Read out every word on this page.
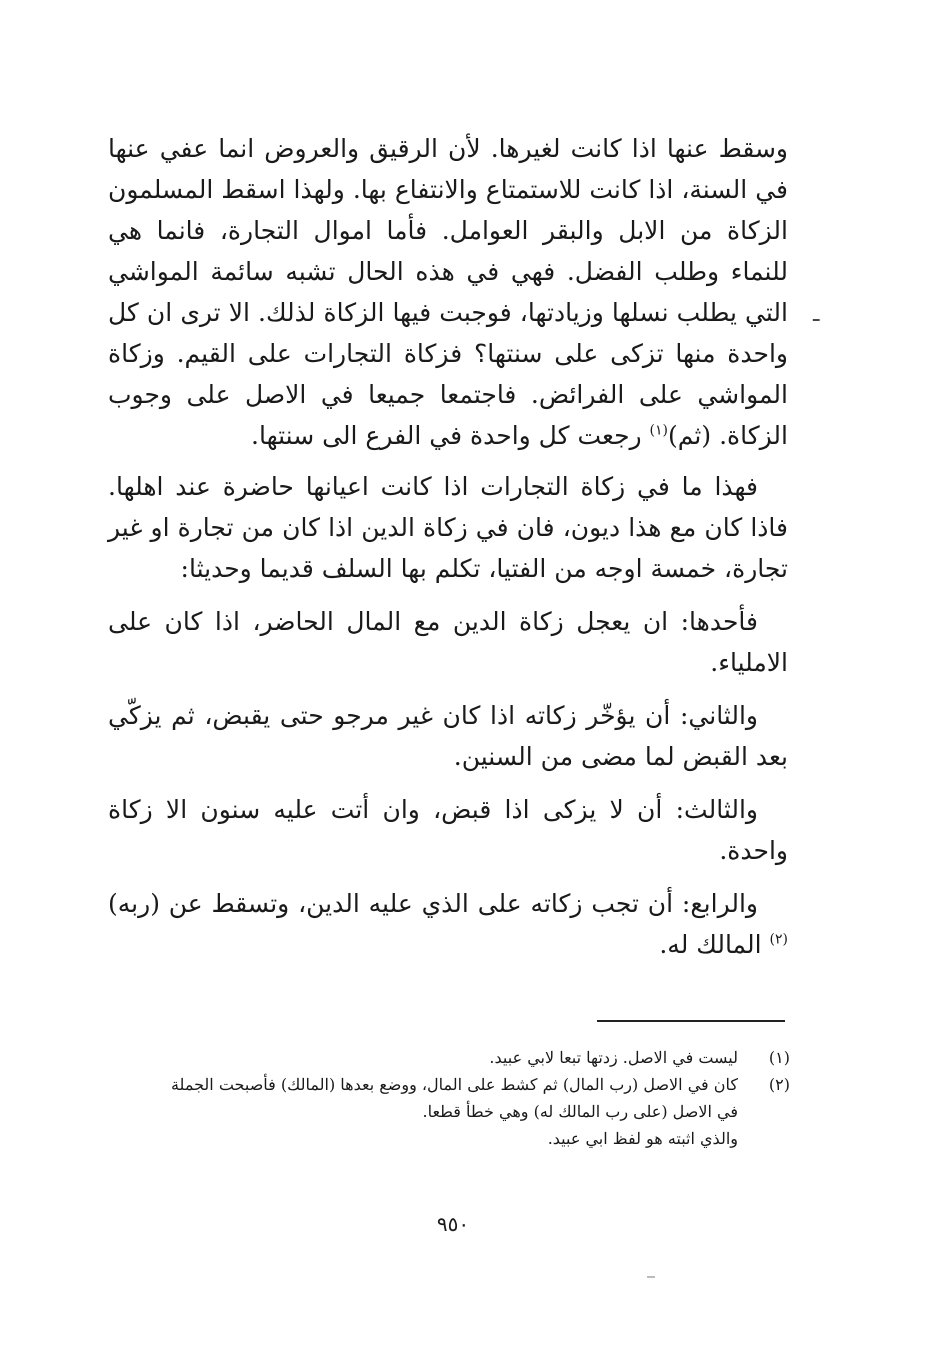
وسقط عنها اذا كانت لغيرها. لأن الرقيق والعروض انما عفي عنها في السنة، اذا كانت للاستمتاع والانتفاع بها. ولهذا اسقط المسلمون الزكاة من الابل والبقر العوامل. فأما اموال التجارة، فانما هي للنماء وطلب الفضل. فهي في هذه الحال تشبه سائمة المواشي التي يطلب نسلها وزيادتها، فوجبت فيها الزكاة لذلك. الا ترى ان كل واحدة منها تزكى على سنتها؟ فزكاة التجارات على القيم. وزكاة المواشي على الفرائض. فاجتمعا جميعا في الاصل على وجوب الزكاة. (ثم)$^{(١)}$ رجعت كل واحدة في الفرع الى سنتها.

فهذا ما في زكاة التجارات اذا كانت اعيانها حاضرة عند اهلها. فاذا كان مع هذا ديون، فان في زكاة الدين اذا كان من تجارة او غير تجارة، خمسة اوجه من الفتيا، تكلم بها السلف قديما وحديثا:

فأحدها: ان يعجل زكاة الدين مع المال الحاضر، اذا كان على الاملياء.

والثاني: أن يؤخّر زكاته اذا كان غير مرجو حتى يقبض، ثم يزكّي بعد القبض لما مضى من السنين.

والثالث: أن لا يزكى اذا قبض، وان أتت عليه سنون الا زكاة واحدة.

والرابع: أن تجب زكاته على الذي عليه الدين، وتسقط عن (ربه)$^{(٢)}$ المالك له.

ـ
(١)
ليست في الاصل. زدتها تبعا لابي عبيد.
(٢)
كان في الاصل (رب المال) ثم كشط على المال، ووضع بعدها (المالك) فأصبحت الجملة
في الاصل (على رب المالك له) وهي خطأ قطعا.
والذي اثبته هو لفظ ابي عبيد.
٩٥٠
